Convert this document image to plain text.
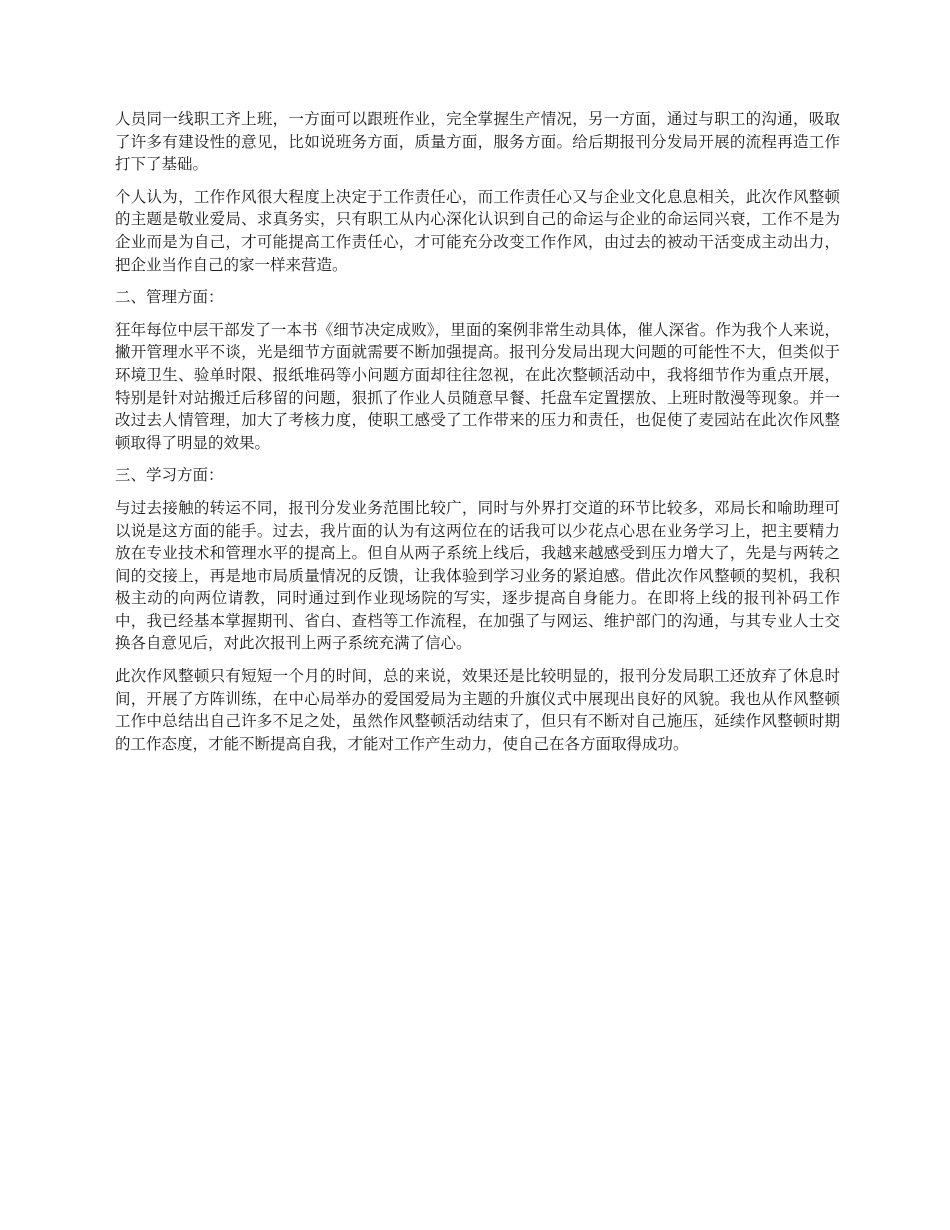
人员同一线职工齐上班，一方面可以跟班作业，完全掌握生产情况，另一方面，通过与职工的沟通，吸取了许多有建设性的意见，比如说班务方面，质量方面，服务方面。给后期报刊分发局开展的流程再造工作打下了基础。

个人认为，工作作风很大程度上决定于工作责任心，而工作责任心又与企业文化息息相关，此次作风整顿的主题是敬业爱局、求真务实，只有职工从内心深化认识到自己的命运与企业的命运同兴衰，工作不是为企业而是为自己，才可能提高工作责任心，才可能充分改变工作作风，由过去的被动干活变成主动出力，把企业当作自己的家一样来营造。

二、管理方面：

狂年每位中层干部发了一本书《细节决定成败》，里面的案例非常生动具体，催人深省。作为我个人来说，撇开管理水平不谈，光是细节方面就需要不断加强提高。报刊分发局出现大问题的可能性不大，但类似于环境卫生、验单时限、报纸堆码等小问题方面却往往忽视，在此次整顿活动中，我将细节作为重点开展，特别是针对站搬迁后移留的问题，狠抓了作业人员随意早餐、托盘车定置摆放、上班时散漫等现象。并一改过去人情管理，加大了考核力度，使职工感受了工作带来的压力和责任，也促使了麦园站在此次作风整顿取得了明显的效果。

三、学习方面：

与过去接触的转运不同，报刊分发业务范围比较广，同时与外界打交道的环节比较多，邓局长和喻助理可以说是这方面的能手。过去，我片面的认为有这两位在的话我可以少花点心思在业务学习上，把主要精力放在专业技术和管理水平的提高上。但自从两子系统上线后，我越来越感受到压力增大了，先是与两转之间的交接上，再是地市局质量情况的反馈，让我体验到学习业务的紧迫感。借此次作风整顿的契机，我积极主动的向两位请教，同时通过到作业现场院的写实，逐步提高自身能力。在即将上线的报刊补码工作中，我已经基本掌握期刊、省白、查档等工作流程，在加强了与网运、维护部门的沟通，与其专业人士交换各自意见后，对此次报刊上两子系统充满了信心。

此次作风整顿只有短短一个月的时间，总的来说，效果还是比较明显的，报刊分发局职工还放弃了休息时间，开展了方阵训练，在中心局举办的爱国爱局为主题的升旗仪式中展现出良好的风貌。我也从作风整顿工作中总结出自己许多不足之处，虽然作风整顿活动结束了，但只有不断对自己施压，延续作风整顿时期的工作态度，才能不断提高自我，才能对工作产生动力，使自己在各方面取得成功。
